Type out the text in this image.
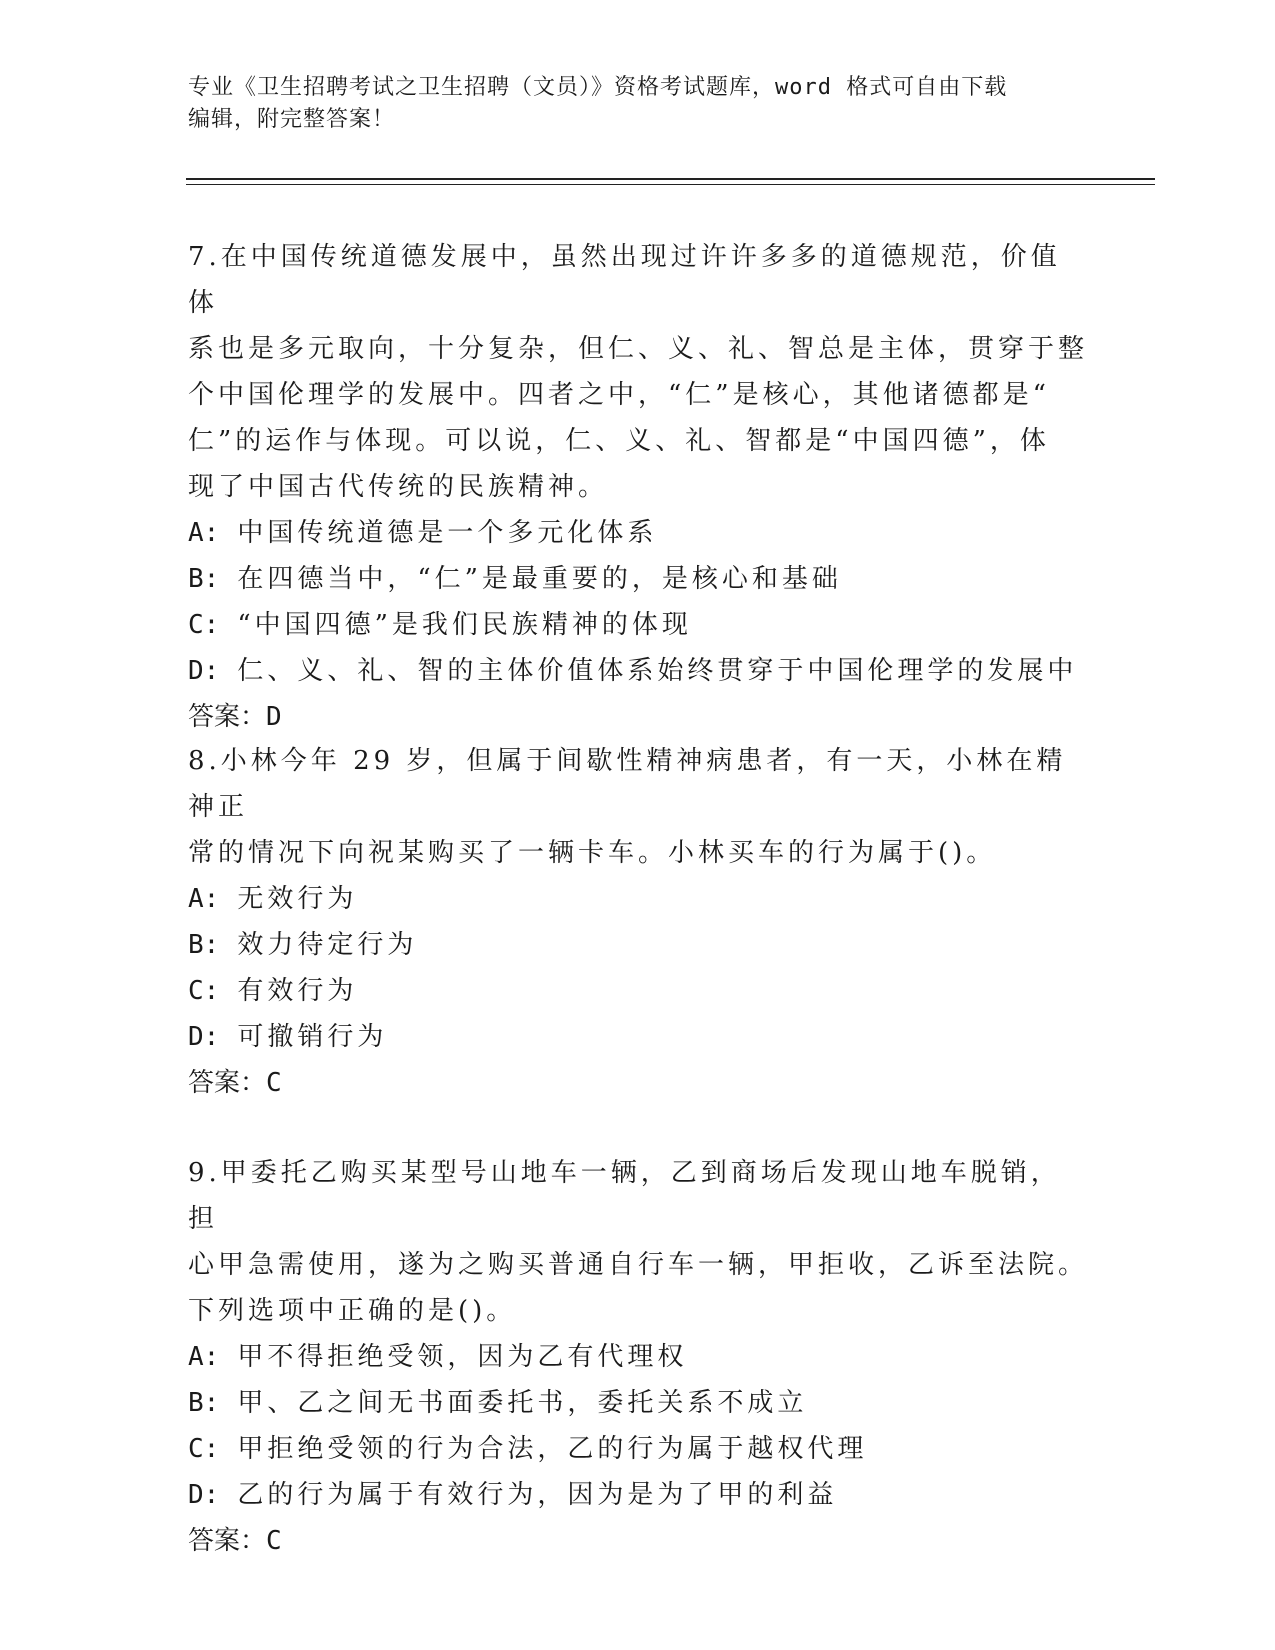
专业《卫生招聘考试之卫生招聘（文员）》资格考试题库，word 格式可自由下载
编辑，附完整答案！

7.在中国传统道德发展中，虽然出现过许许多多的道德规范，价值体

系也是多元取向，十分复杂，但仁、义、礼、智总是主体，贯穿于整

个中国伦理学的发展中。四者之中，“仁”是核心，其他诸德都是“

仁”的运作与体现。可以说，仁、义、礼、智都是“中国四德”，体

现了中国古代传统的民族精神。

A: 中国传统道德是一个多元化体系

B: 在四德当中，“仁”是最重要的，是核心和基础

C: “中国四德”是我们民族精神的体现

D: 仁、义、礼、智的主体价值体系始终贯穿于中国伦理学的发展中

答案：D

8.小林今年 29 岁，但属于间歇性精神病患者，有一天，小林在精神正

常的情况下向祝某购买了一辆卡车。小林买车的行为属于()。

A: 无效行为

B: 效力待定行为

C: 有效行为

D: 可撤销行为

答案：C

9.甲委托乙购买某型号山地车一辆，乙到商场后发现山地车脱销，担

心甲急需使用，遂为之购买普通自行车一辆，甲拒收，乙诉至法院。

下列选项中正确的是()。

A: 甲不得拒绝受领，因为乙有代理权

B: 甲、乙之间无书面委托书，委托关系不成立

C: 甲拒绝受领的行为合法，乙的行为属于越权代理

D: 乙的行为属于有效行为，因为是为了甲的利益

答案：C
